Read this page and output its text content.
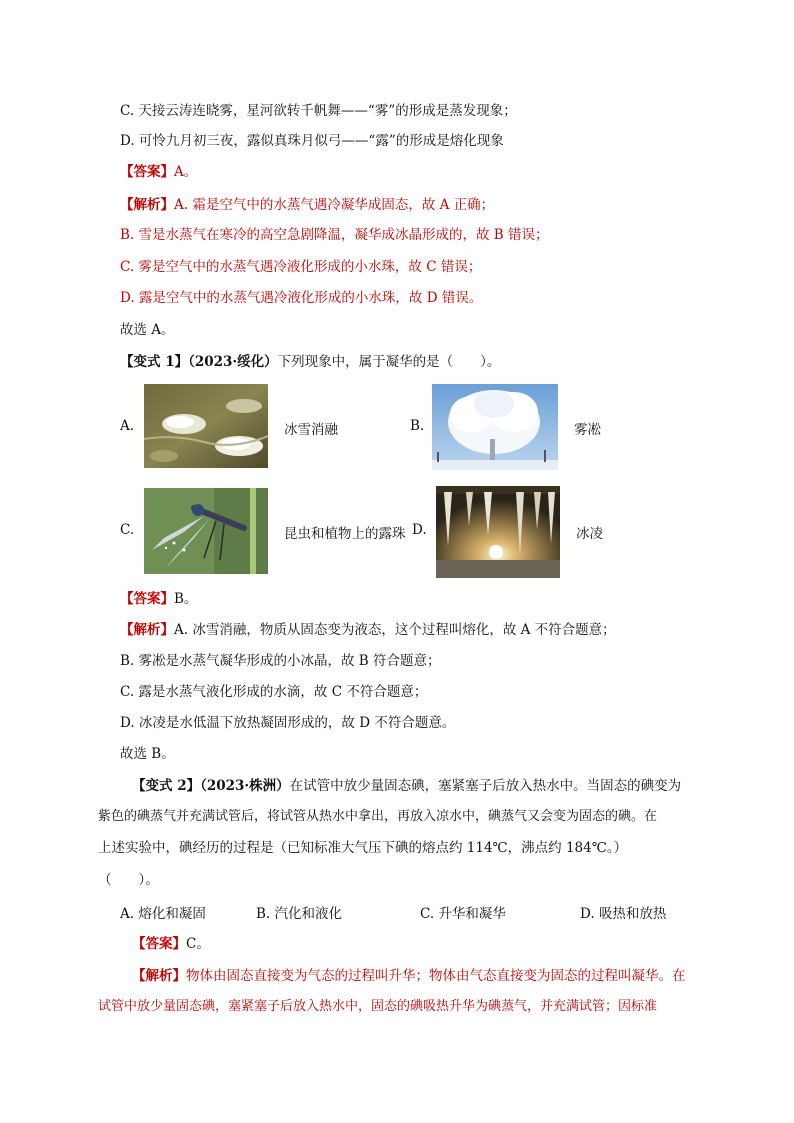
C. 天接云涛连晓雾，星河欲转千帆舞——“雾”的形成是蒸发现象；
D. 可怜九月初三夜，露似真珠月似弓——“露”的形成是熔化现象
【答案】A。
【解析】A. 霜是空气中的水蒸气遇冷凝华成固态，故 A 正确；
B. 雪是水蒸气在寒冷的高空急剧降温，凝华成冰晶形成的，故 B 错误；
C. 雾是空气中的水蒸气遇冷液化形成的小水珠，故 C 错误；
D. 露是空气中的水蒸气遇冷液化形成的小水珠，故 D 错误。
故选 A。
【变式 1】（2023·绥化）下列现象中，属于凝华的是（　　）。
A.	冰雪消融	B.	雾凇
C.	昆虫和植物上的露珠 D.	冰凌
【答案】B。
【解析】A. 冰雪消融，物质从固态变为液态，这个过程叫熔化，故 A 不符合题意；
B. 雾凇是水蒸气凝华形成的小冰晶，故 B 符合题意；
C. 露是水蒸气液化形成的水滴，故 C 不符合题意；
D. 冰凌是水低温下放热凝固形成的，故 D 不符合题意。
故选 B。
【变式 2】（2023·株洲）在试管中放少量固态碘，塞紧塞子后放入热水中。当固态的碘变为
紫色的碘蒸气并充满试管后，将试管从热水中拿出，再放入凉水中，碘蒸气又会变为固态的碘。在
上述实验中，碘经历的过程是（已知标准大气压下碘的熔点约 114℃，沸点约 184℃。）
（　　）。
A. 熔化和凝固	B. 汽化和液化	C. 升华和凝华	D. 吸热和放热
【答案】C。
【解析】物体由固态直接变为气态的过程叫升华；物体由气态直接变为固态的过程叫凝华。在
试管中放少量固态碘，塞紧塞子后放入热水中，固态的碘吸热升华为碘蒸气，并充满试管；因标准
